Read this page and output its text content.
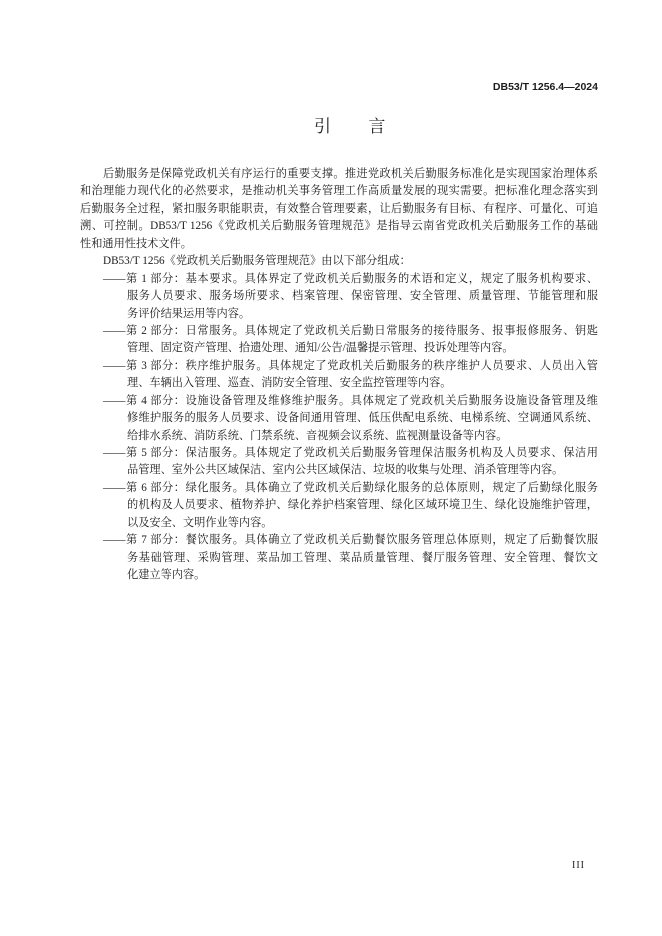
DB53/T 1256.4—2024
引 言
后勤服务是保障党政机关有序运行的重要支撑。推进党政机关后勤服务标准化是实现国家治理体系
和治理能力现代化的必然要求，是推动机关事务管理工作高质量发展的现实需要。把标准化理念落实到
后勤服务全过程，紧扣服务职能职责，有效整合管理要素，让后勤服务有目标、有程序、可量化、可追
溯、可控制。DB53/T 1256《党政机关后勤服务管理规范》是指导云南省党政机关后勤服务工作的基础
性和通用性技术文件。
DB53/T 1256《党政机关后勤服务管理规范》由以下部分组成：
——第 1 部分：基本要求。具体界定了党政机关后勤服务的术语和定义，规定了服务机构要求、
服务人员要求、服务场所要求、档案管理、保密管理、安全管理、质量管理、节能管理和服
务评价结果运用等内容。
——第 2 部分：日常服务。具体规定了党政机关后勤日常服务的接待服务、报事报修服务、钥匙
管理、固定资产管理、拾遗处理、通知/公告/温馨提示管理、投诉处理等内容。
——第 3 部分：秩序维护服务。具体规定了党政机关后勤服务的秩序维护人员要求、人员出入管
理、车辆出入管理、巡查、消防安全管理、安全监控管理等内容。
——第 4 部分：设施设备管理及维修维护服务。具体规定了党政机关后勤服务设施设备管理及维
修维护服务的服务人员要求、设备间通用管理、低压供配电系统、电梯系统、空调通风系统、
给排水系统、消防系统、门禁系统、音视频会议系统、监视测量设备等内容。
——第 5 部分：保洁服务。具体规定了党政机关后勤服务管理保洁服务机构及人员要求、保洁用
品管理、室外公共区域保洁、室内公共区域保洁、垃圾的收集与处理、消杀管理等内容。
——第 6 部分：绿化服务。具体确立了党政机关后勤绿化服务的总体原则，规定了后勤绿化服务
的机构及人员要求、植物养护、绿化养护档案管理、绿化区域环境卫生、绿化设施维护管理，
以及安全、文明作业等内容。
——第 7 部分：餐饮服务。具体确立了党政机关后勤餐饮服务管理总体原则，规定了后勤餐饮服
务基础管理、采购管理、菜品加工管理、菜品质量管理、餐厅服务管理、安全管理、餐饮文
化建立等内容。
III
